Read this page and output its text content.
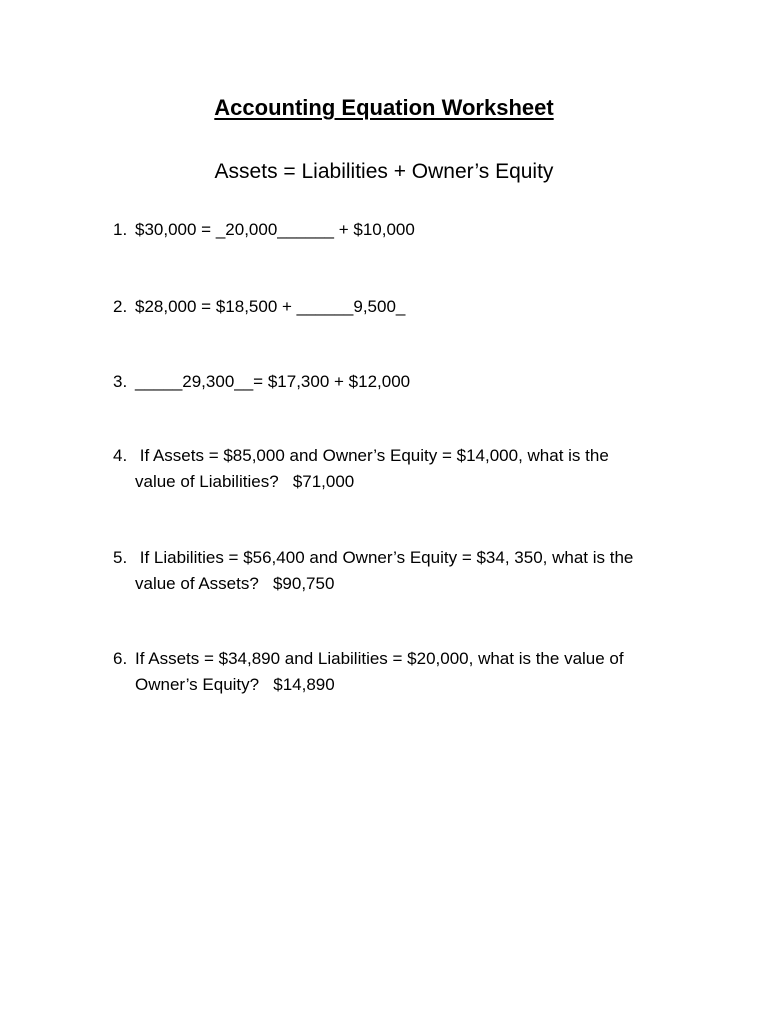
Accounting Equation Worksheet
Assets = Liabilities + Owner’s Equity
1. $30,000 = _20,000______ + $10,000
2. $28,000 = $18,500 + ______9,500_
3. _____29,300__= $17,300 + $12,000
4. If Assets = $85,000 and Owner’s Equity = $14,000, what is the
value of Liabilities?   $71,000
5. If Liabilities = $56,400 and Owner’s Equity = $34, 350, what is the
value of Assets?   $90,750
6. If Assets = $34,890 and Liabilities = $20,000, what is the value of
Owner’s Equity?   $14,890
